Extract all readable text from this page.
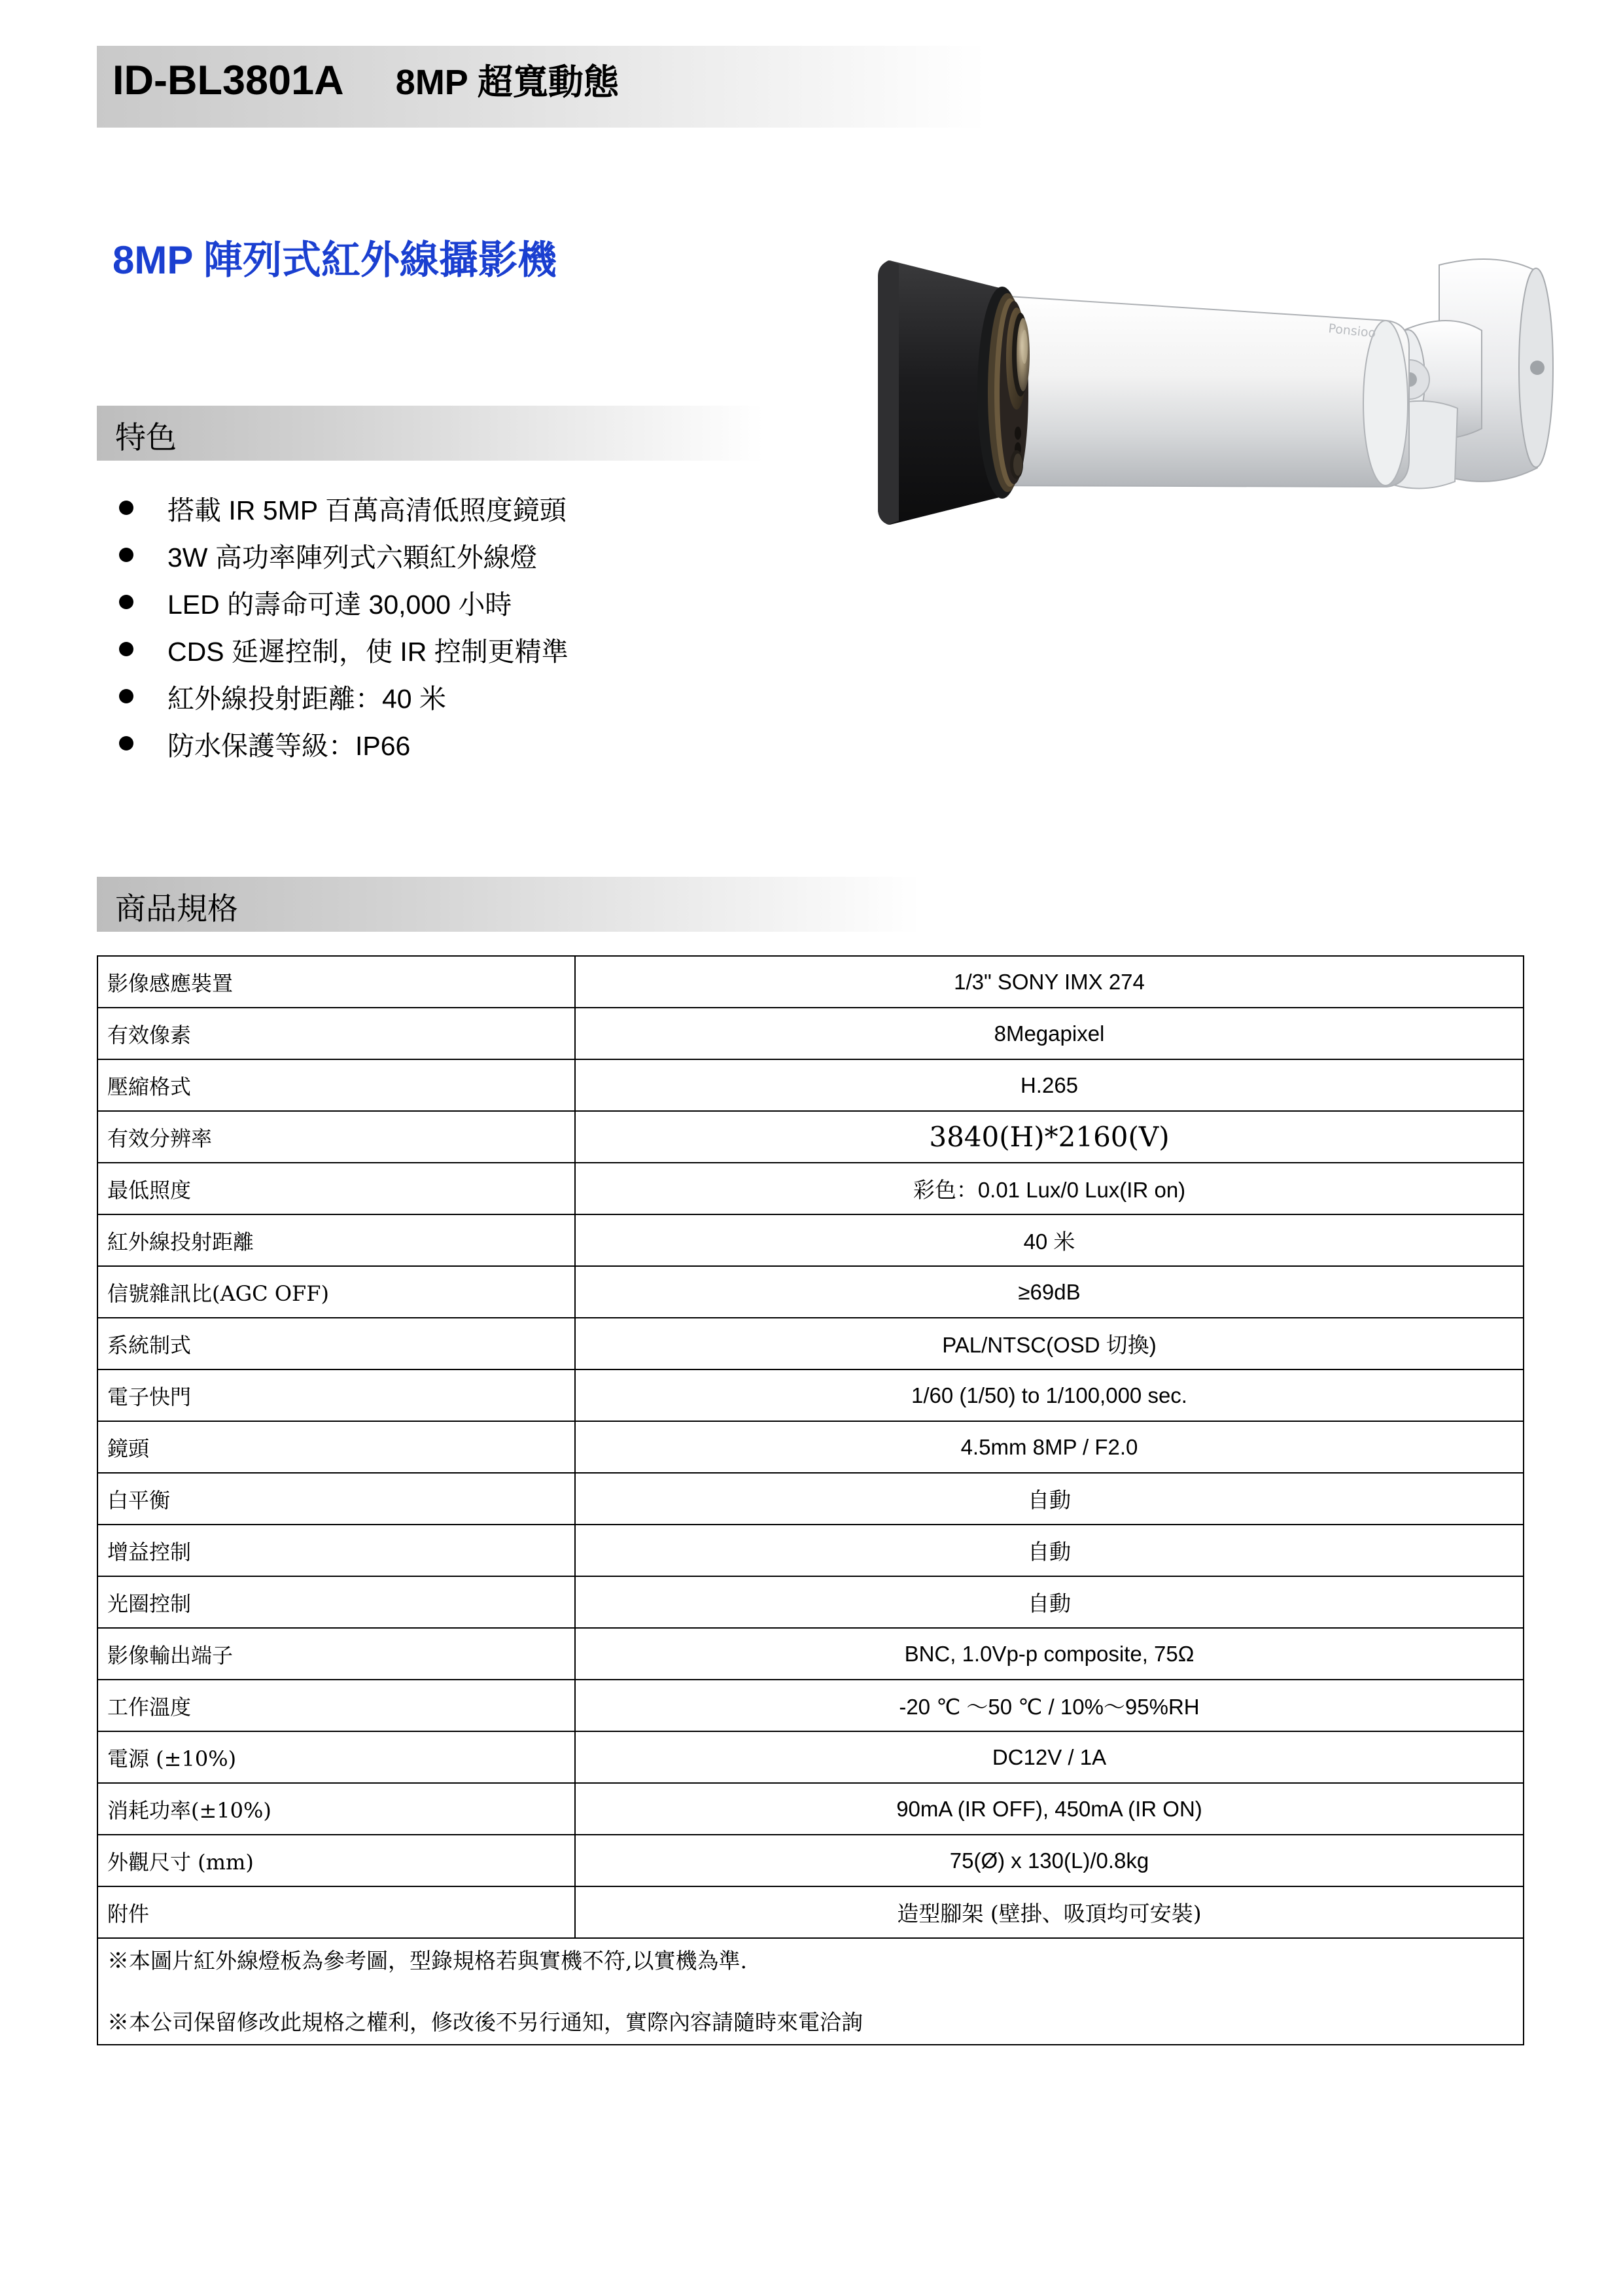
ID-BL3801A 8MP 超寬動態
8MP 陣列式紅外線攝影機
特色
搭載 IR 5MP 百萬高清低照度鏡頭
3W 高功率陣列式六顆紅外線燈
LED 的壽命可達 30,000 小時
CDS 延遲控制，使 IR 控制更精準
紅外線投射距離：40 米
防水保護等級：IP66
Ponsioo
商品規格
影像感應裝置	1/3" SONY IMX 274
有效像素	8Megapixel
壓縮格式	H.265
有效分辨率	3840(H)*2160(V)
最低照度	彩色：0.01 Lux/0 Lux(IR on)
紅外線投射距離	40 米
信號雜訊比(AGC OFF)	≥69dB
系統制式	PAL/NTSC(OSD 切換)
電子快門	1/60 (1/50) to 1/100,000 sec.
鏡頭	4.5mm 8MP / F2.0
白平衡	自動
增益控制	自動
光圈控制	自動
影像輸出端子	BNC, 1.0Vp-p composite, 75Ω
工作溫度	-20 ℃ ～50 ℃ / 10%～95%RH
電源 (±10%)	DC12V / 1A
消耗功率(±10%)	90mA (IR OFF), 450mA (IR ON)
外觀尺寸 (mm)	75(Ø) x 130(L)/0.8kg
附件	造型腳架 (壁掛、吸頂均可安裝)

※本圖片紅外線燈板為參考圖，型錄規格若與實機不符,以實機為準.
※本公司保留修改此規格之權利，修改後不另行通知，實際內容請隨時來電洽詢	
